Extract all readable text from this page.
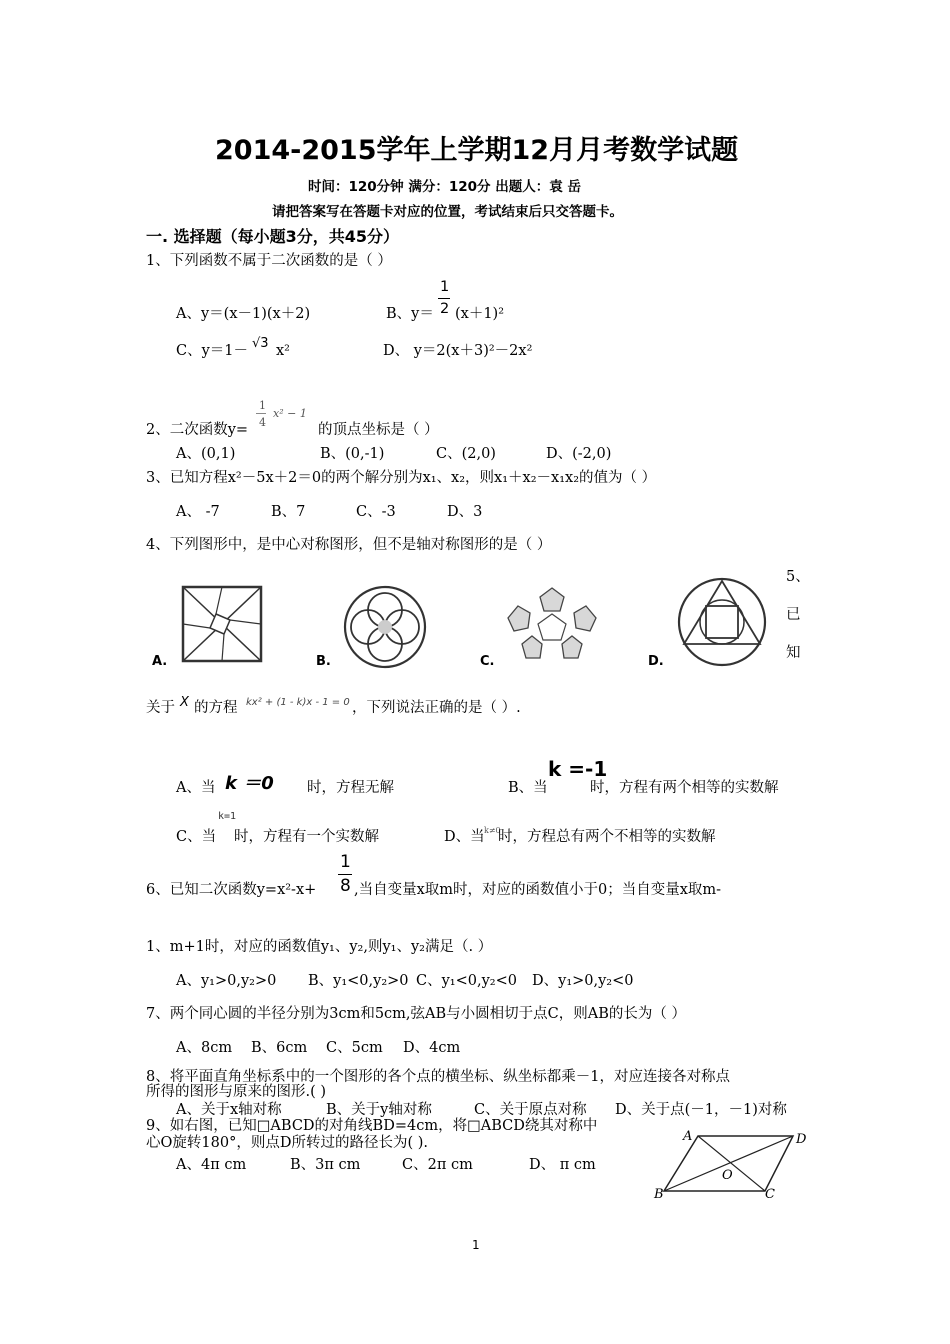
2014-2015学年上学期12月月考数学试题
时间：120分钟 满分：120分 出题人：袁 岳
请把答案写在答题卡对应的位置，考试结束后只交答题卡。
一. 选择题（每小题3分，共45分）
1、下列函数不属于二次函数的是（ ）
A、y＝(x－1)(x＋2)	B、y＝
1
2 (x＋1)²
C、y＝1－ √3 x²	D、 y＝2(x＋3)²－2x²
1
4
x² − 1
2、二次函数y=	的顶点坐标是（ ）
A、(0,1)	B、(0,-1)	C、(2,0)	D、(-2,0)
3、已知方程x²－5x＋2＝0的两个解分别为x₁、x₂，则x₁＋x₂－x₁x₂的值为（ ）
A、 -7	B、7	C、-3	D、3
4、下列图形中，是中心对称图形，但不是轴对称图形的是（ ）
A.	B.	C.	D.
5、
已
知
关于 X 的方程 kx² + (1 - k)x - 1 = 0 ，下列说法正确的是（ ）.
A、当 k ＝0 时，方程无解	B、当
k =-1
时，方程有两个相等的实数解
C、当
k=1
时，方程有一个实数解	D、当 k≠0
时，方程总有两个不相等的实数解
1
8
6、已知二次函数y=x²-x+	,当自变量x取m时，对应的函数值小于0；当自变量x取m-
1、m+1时，对应的函数值y₁、y₂,则y₁、y₂满足（. ）
A、y₁>0,y₂>0 B、y₁<0,y₂>0 C、y₁<0,y₂<0 D、y₁>0,y₂<0
7、两个同心圆的半径分别为3cm和5cm,弦AB与小圆相切于点C，则AB的长为（ ）
A、8cm B、6cm C、5cm D、4cm
8、将平面直角坐标系中的一个图形的各个点的横坐标、纵坐标都乘－1，对应连接各对称点
所得的图形与原来的图形.( )
A、关于x轴对称	B、关于y轴对称	C、关于原点对称 D、关于点(－1，－1)对称
9、如右图，已知□ABCD的对角线BD=4cm，将□ABCD绕其对称中
心O旋转180°，则点D所转过的路径长为( ).
A、4π cm	B、3π cm	C、2π cm	D、 π cm
A	D
O
B	C
1
